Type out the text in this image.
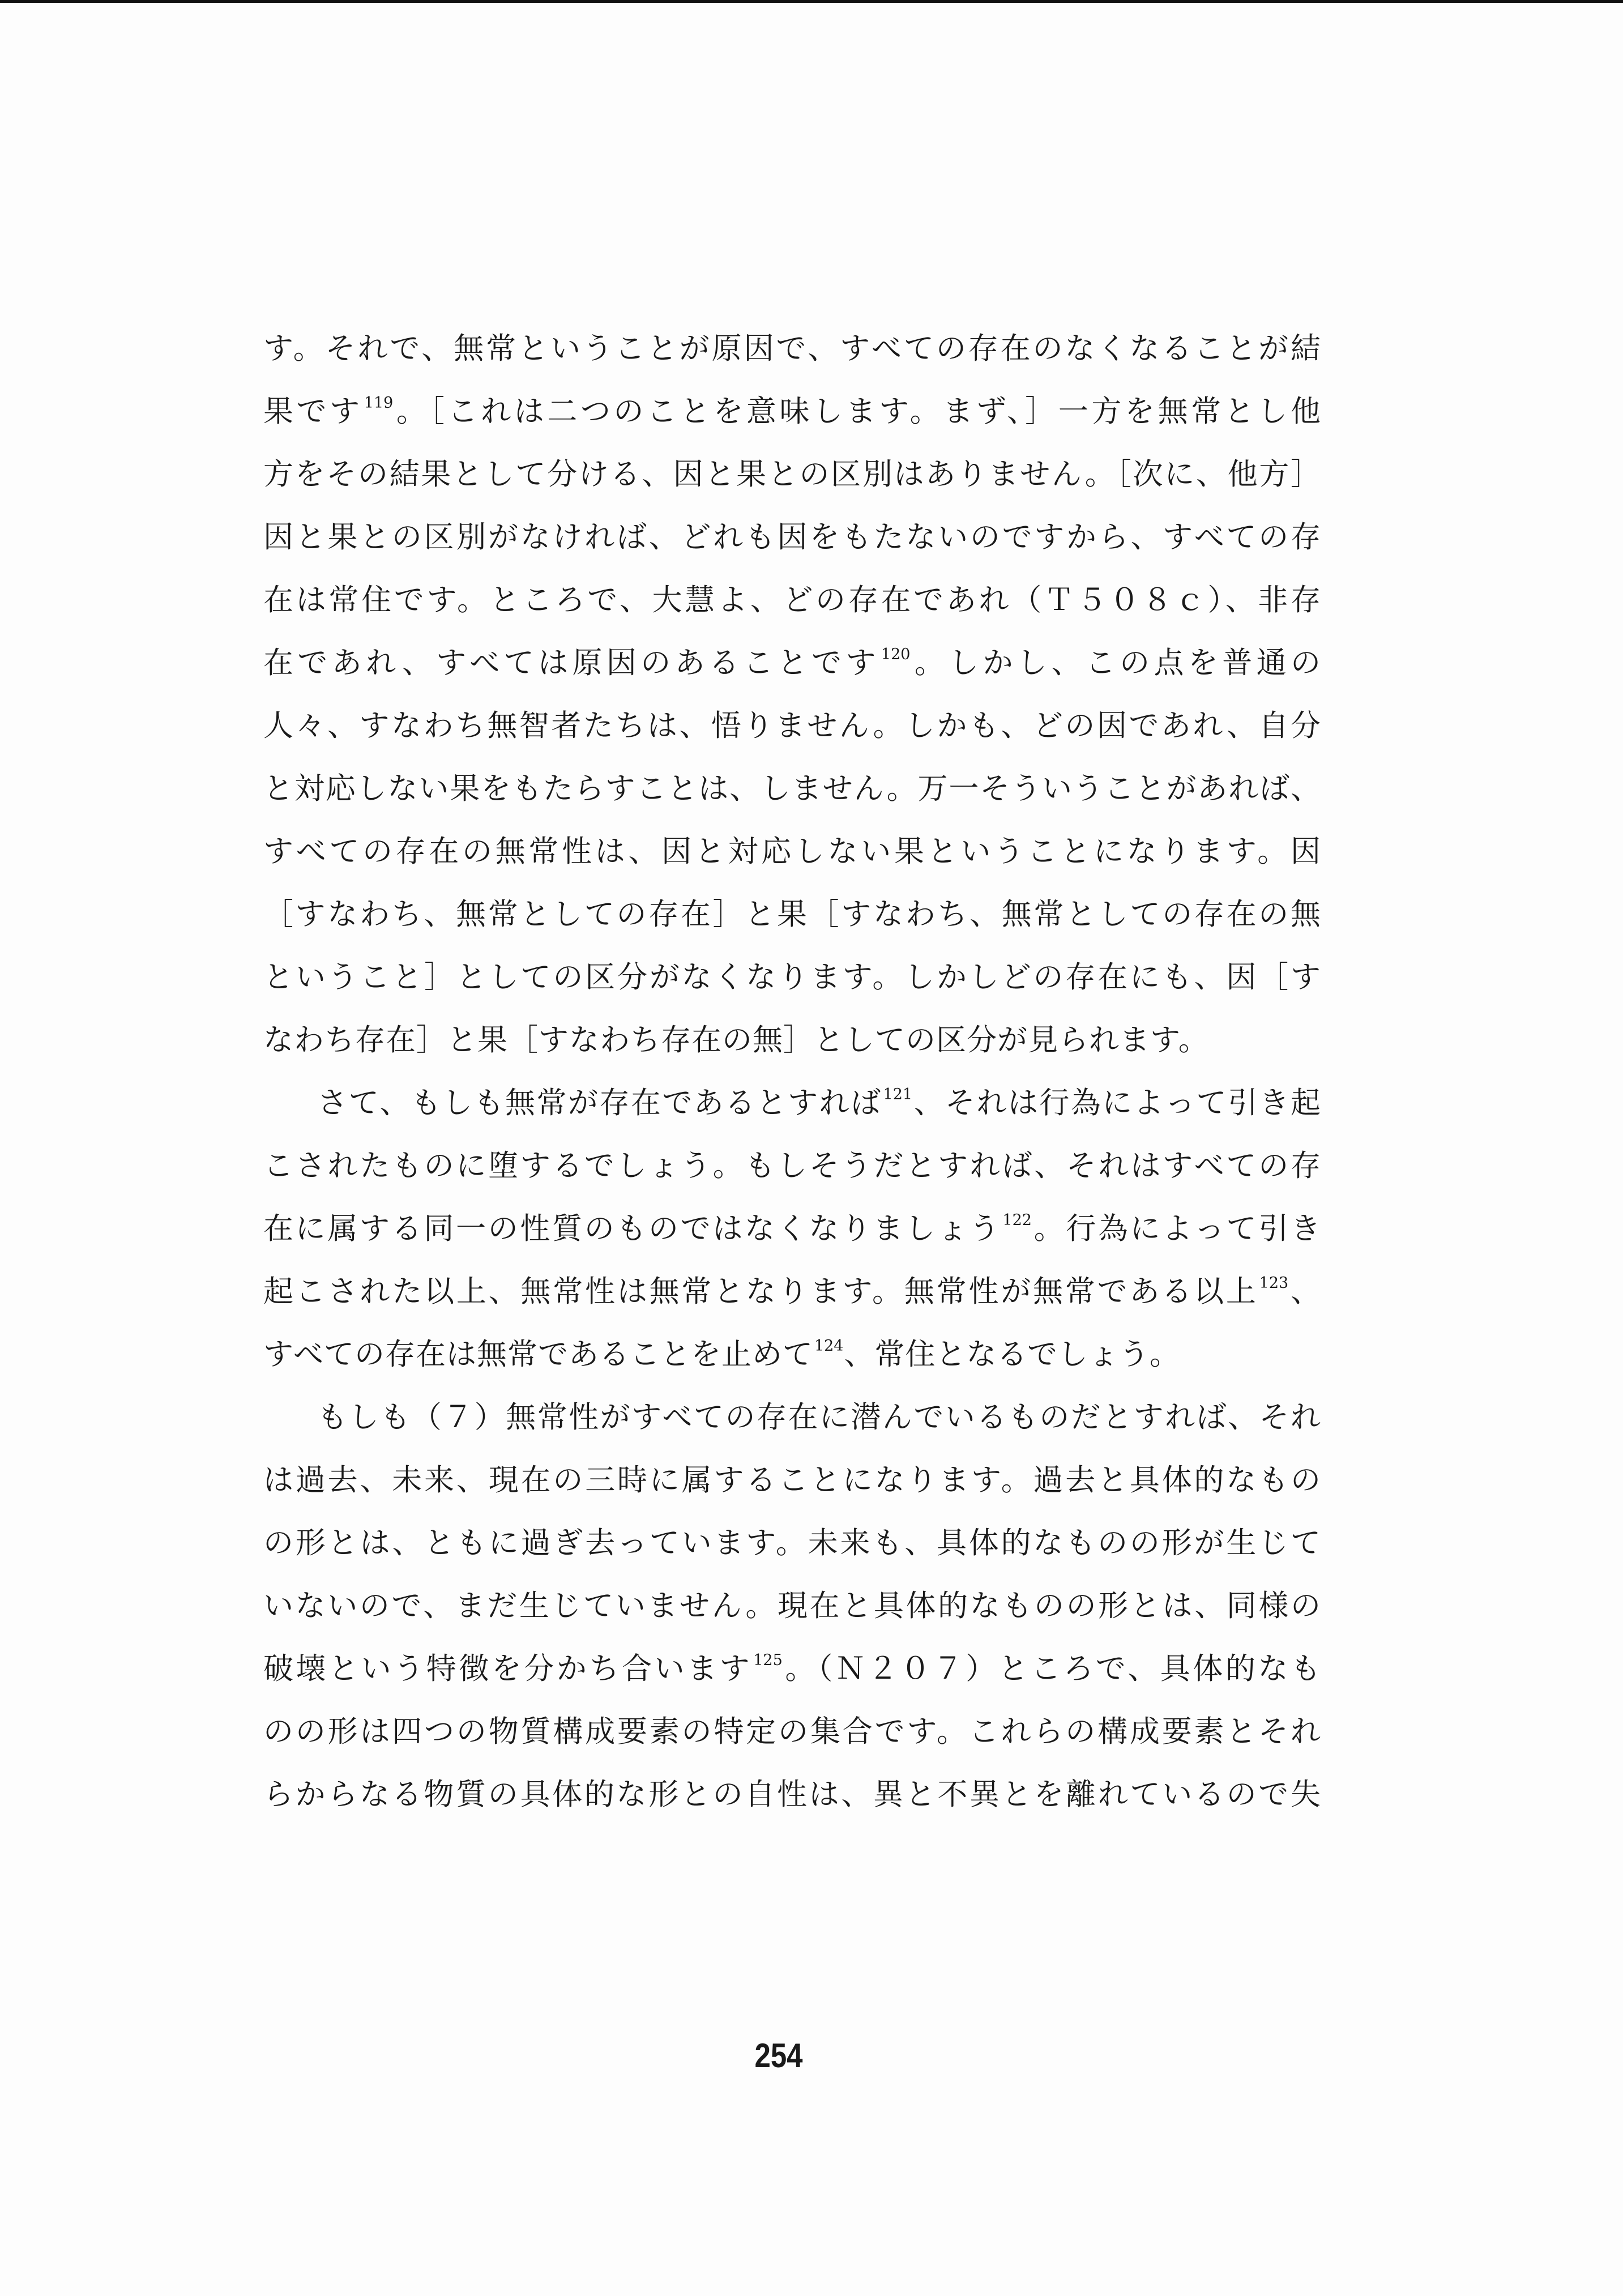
す。それで、無常ということが原因で、すべての存在のなくなることが結
果です$^{119}$。［これは二つのことを意味します。まず、］一方を無常とし他
方をその結果として分ける、因と果との区別はありません。［次に、他方］
因と果との区別がなければ、どれも因をもたないのですから、すべての存
在は常住です。ところで、大慧よ、どの存在であれ（Ｔ５０８ｃ）、非存
在であれ、すべては原因のあることです$^{120}$。しかし、この点を普通の
人々、すなわち無智者たちは、悟りません。しかも、どの因であれ、自分
と対応しない果をもたらすことは、しません。万一そういうことがあれば、
すべての存在の無常性は、因と対応しない果ということになります。因
［すなわち、無常としての存在］と果［すなわち、無常としての存在の無
ということ］としての区分がなくなります。しかしどの存在にも、因［す
なわち存在］と果［すなわち存在の無］としての区分が見られます。
さて、もしも無常が存在であるとすれば$^{121}$、それは行為によって引き起
こされたものに堕するでしょう。もしそうだとすれば、それはすべての存
在に属する同一の性質のものではなくなりましょう$^{122}$。行為によって引き
起こされた以上、無常性は無常となります。無常性が無常である以上$^{123}$、
すべての存在は無常であることを止めて$^{124}$、常住となるでしょう。
もしも（７）無常性がすべての存在に潜んでいるものだとすれば、それ
は過去、未来、現在の三時に属することになります。過去と具体的なもの
の形とは、ともに過ぎ去っています。未来も、具体的なものの形が生じて
いないので、まだ生じていません。現在と具体的なものの形とは、同様の
破壊という特徴を分かち合います$^{125}$。（Ｎ２０７）ところで、具体的なも
のの形は四つの物質構成要素の特定の集合です。これらの構成要素とそれ
らからなる物質の具体的な形との自性は、異と不異とを離れているので失
254
